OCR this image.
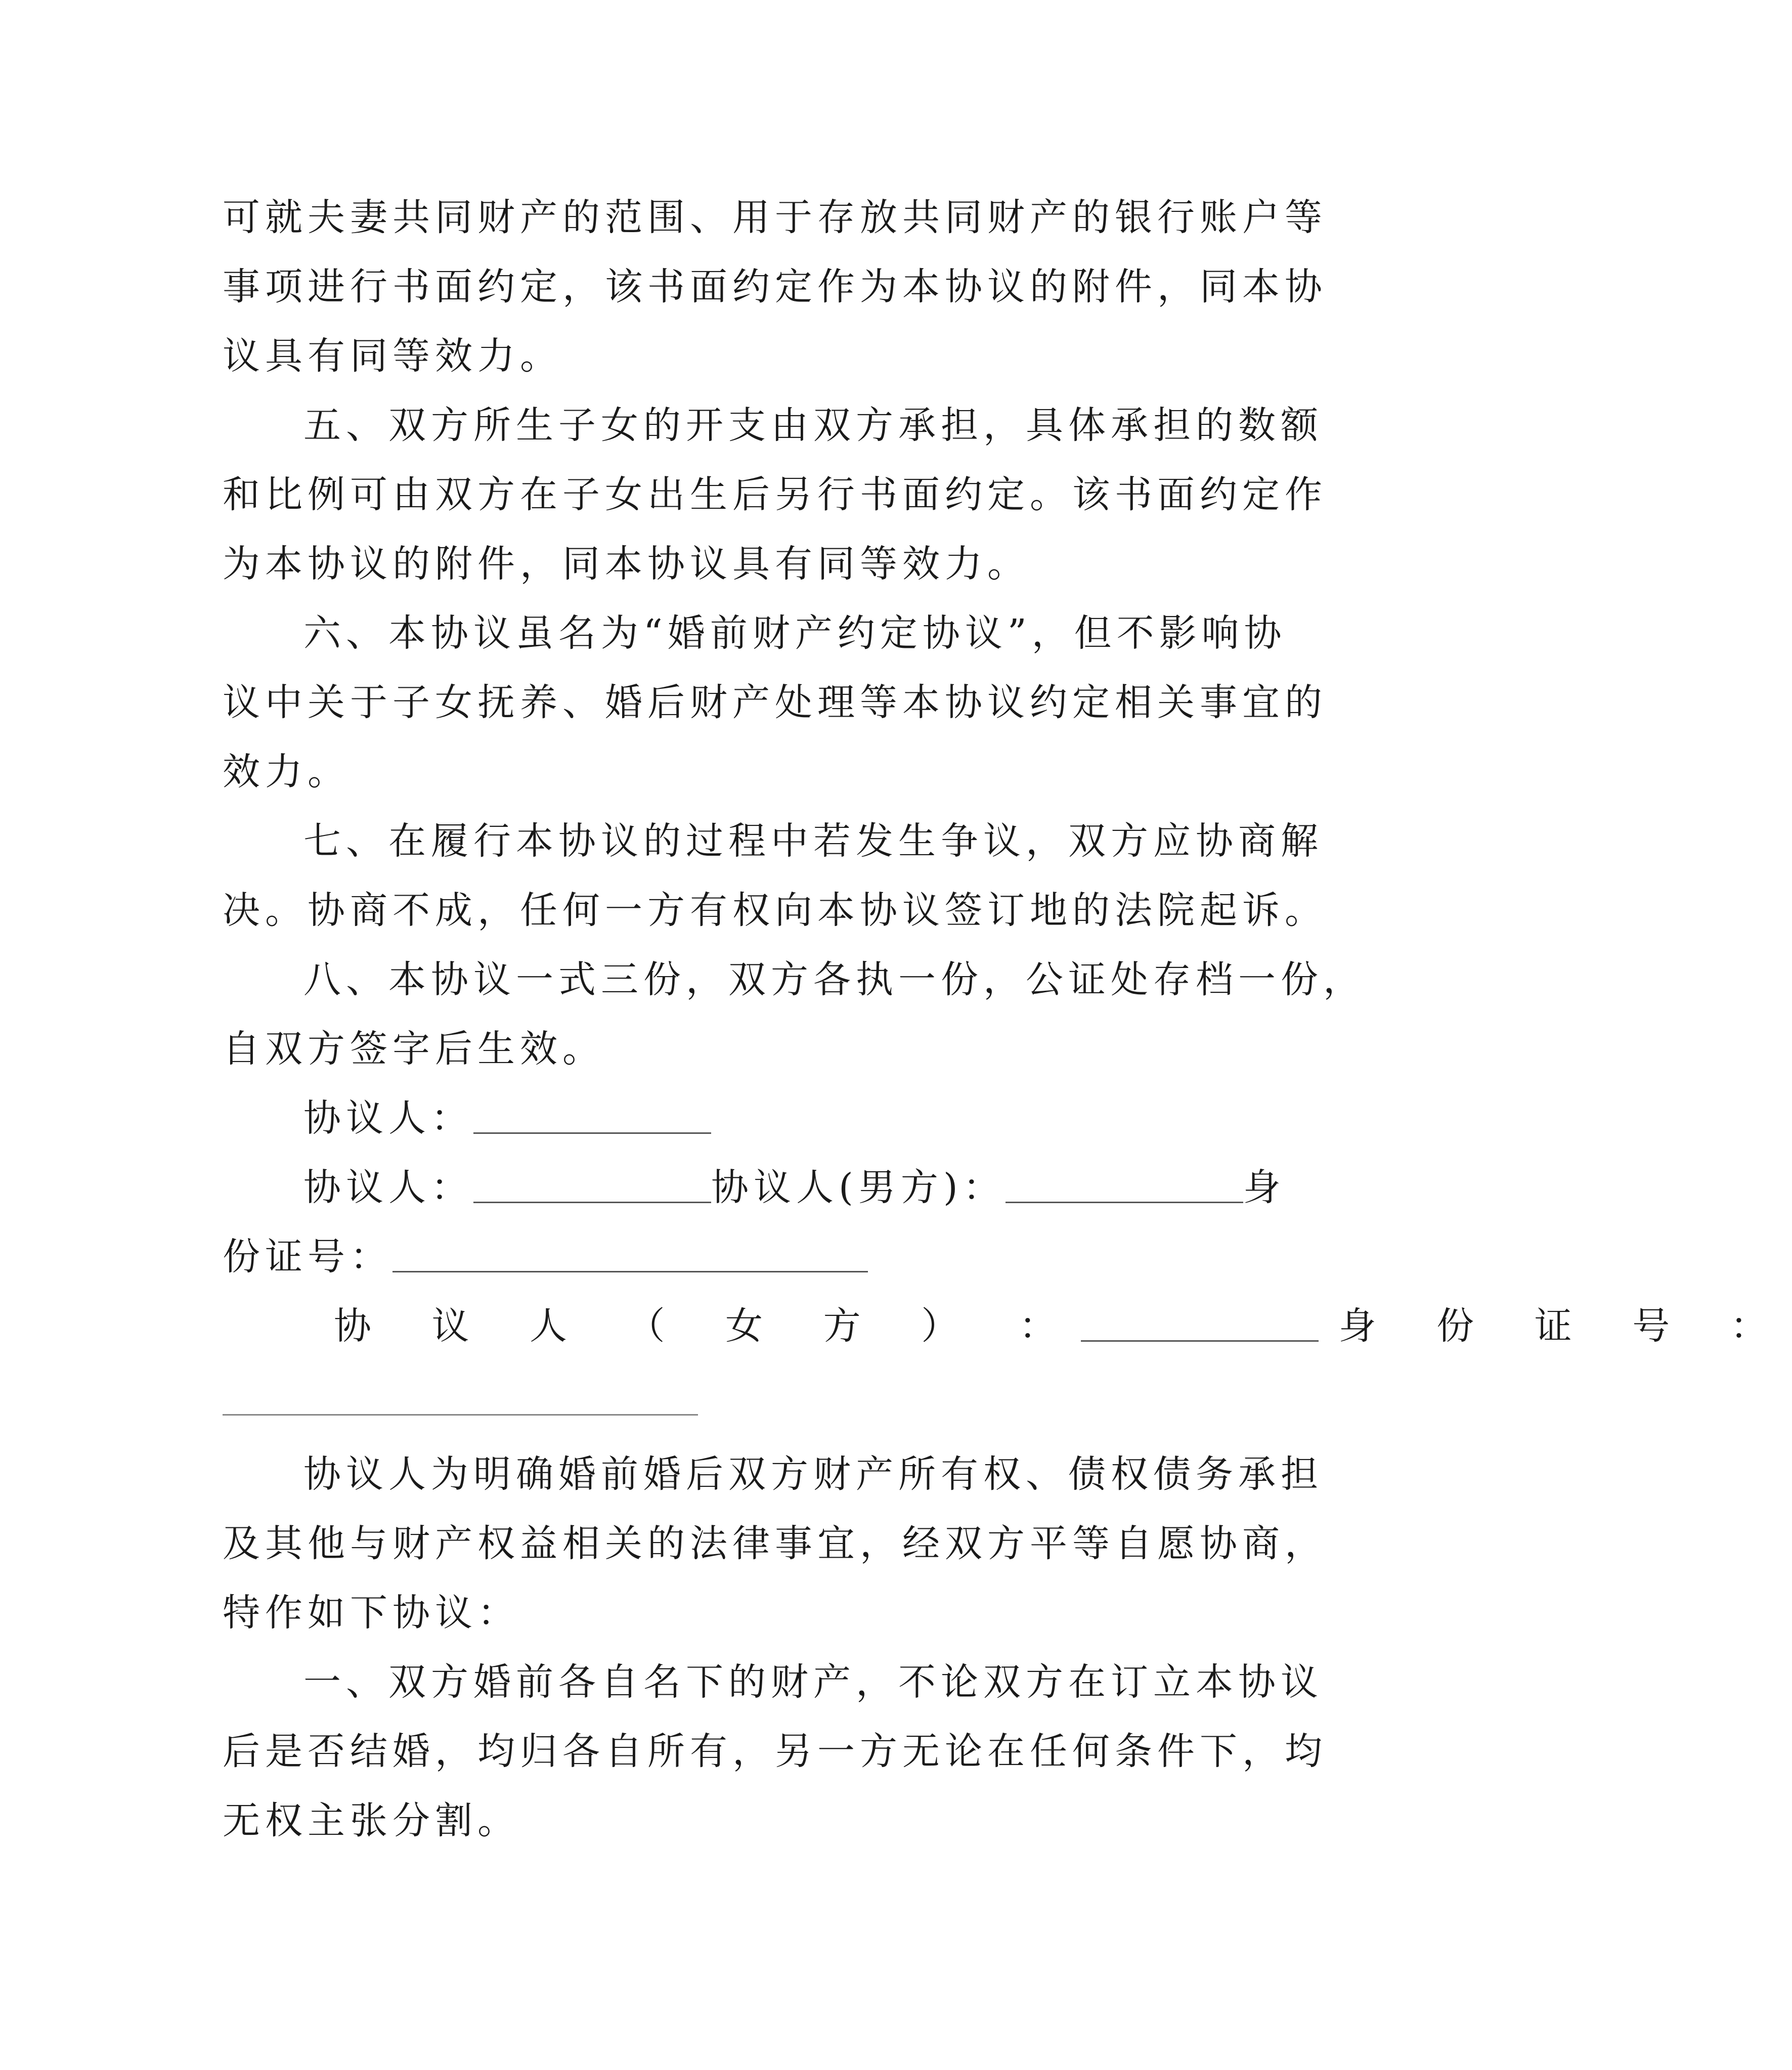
可就夫妻共同财产的范围、用于存放共同财产的银行账户等
事项进行书面约定，该书面约定作为本协议的附件，同本协
议具有同等效力。
五、双方所生子女的开支由双方承担，具体承担的数额
和比例可由双方在子女出生后另行书面约定。该书面约定作
为本协议的附件，同本协议具有同等效力。
六、本协议虽名为“婚前财产约定协议”，但不影响协
议中关于子女抚养、婚后财产处理等本协议约定相关事宜的
效力。
七、在履行本协议的过程中若发生争议，双方应协商解
决。协商不成，任何一方有权向本协议签订地的法院起诉。
八、本协议一式三份，双方各执一份，公证处存档一份，
自双方签字后生效。
协议人：
协议人：	协议人(男方)：	身
份证号：
协 议 人 （ 女 方 ） ：	身 份 证 号 ：
协议人为明确婚前婚后双方财产所有权、债权债务承担
及其他与财产权益相关的法律事宜，经双方平等自愿协商，
特作如下协议：
一、双方婚前各自名下的财产，不论双方在订立本协议
后是否结婚，均归各自所有，另一方无论在任何条件下，均
无权主张分割。
